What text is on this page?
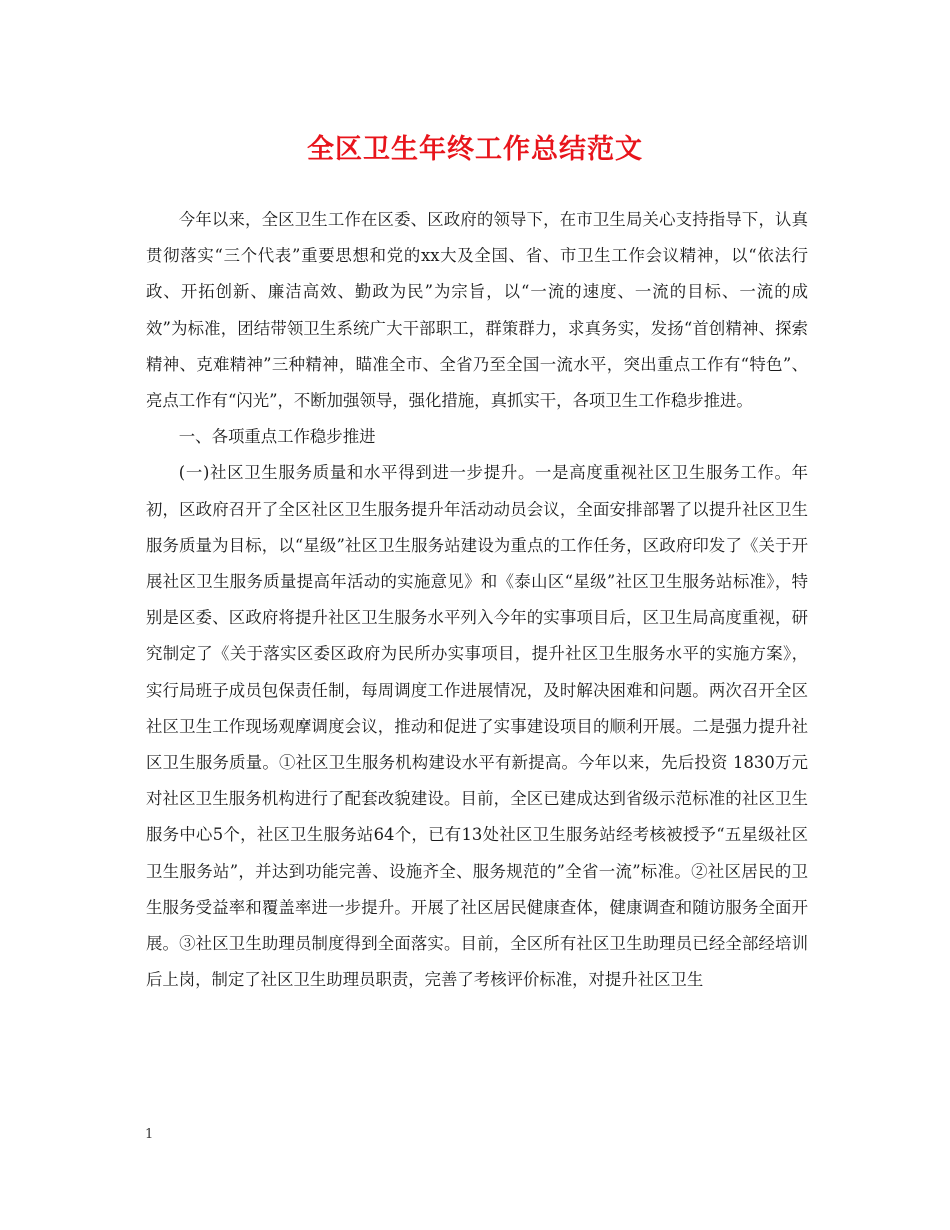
全区卫生年终工作总结范文

今年以来，全区卫生工作在区委、区政府的领导下，在市卫生局关心支持指导下，认真贯彻落实“三个代表”重要思想和党的xx大及全国、省、市卫生工作会议精神，以“依法行政、开拓创新、廉洁高效、勤政为民”为宗旨，以“一流的速度、一流的目标、一流的成效”为标准，团结带领卫生系统广大干部职工，群策群力，求真务实，发扬“首创精神、探索精神、克难精神”三种精神，瞄准全市、全省乃至全国一流水平，突出重点工作有“特色”、亮点工作有“闪光”，不断加强领导，强化措施，真抓实干，各项卫生工作稳步推进。

一、各项重点工作稳步推进

(一)社区卫生服务质量和水平得到进一步提升。一是高度重视社区卫生服务工作。年初，区政府召开了全区社区卫生服务提升年活动动员会议，全面安排部署了以提升社区卫生服务质量为目标，以“星级”社区卫生服务站建设为重点的工作任务，区政府印发了《关于开展社区卫生服务质量提高年活动的实施意见》和《泰山区“星级”社区卫生服务站标准》，特别是区委、区政府将提升社区卫生服务水平列入今年的实事项目后，区卫生局高度重视，研究制定了《关于落实区委区政府为民所办实事项目，提升社区卫生服务水平的实施方案》，实行局班子成员包保责任制，每周调度工作进展情况，及时解决困难和问题。两次召开全区社区卫生工作现场观摩调度会议，推动和促进了实事建设项目的顺利开展。二是强力提升社区卫生服务质量。①社区卫生服务机构建设水平有新提高。今年以来，先后投资 1830万元对社区卫生服务机构进行了配套改貌建设。目前，全区已建成达到省级示范标准的社区卫生服务中心5个，社区卫生服务站64个，已有13处社区卫生服务站经考核被授予“五星级社区卫生服务站”，并达到功能完善、设施齐全、服务规范的”全省一流”标准。②社区居民的卫生服务受益率和覆盖率进一步提升。开展了社区居民健康查体，健康调查和随访服务全面开展。③社区卫生助理员制度得到全面落实。目前，全区所有社区卫生助理员已经全部经培训后上岗，制定了社区卫生助理员职责，完善了考核评价标准，对提升社区卫生

1
